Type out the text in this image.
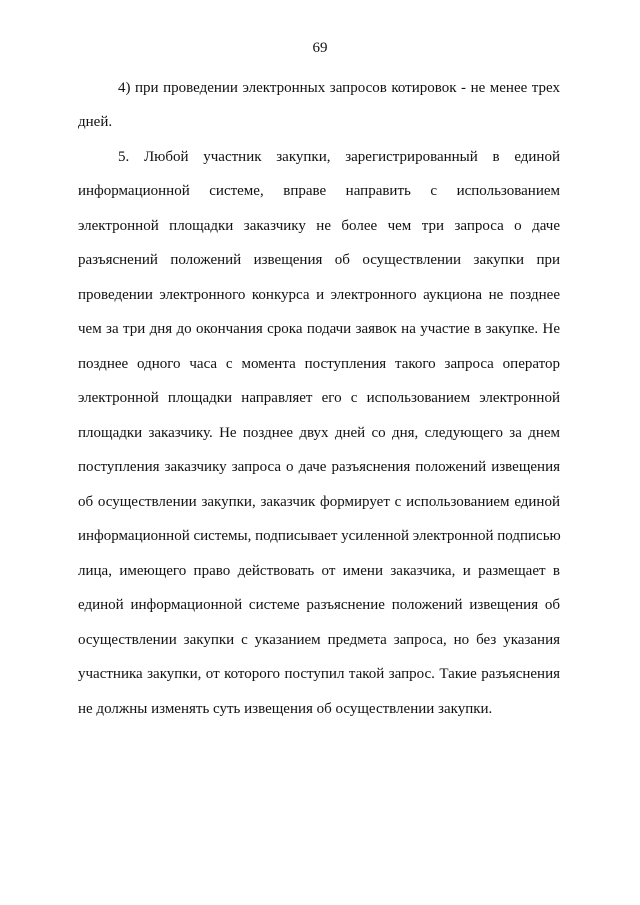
69
4) при проведении электронных запросов котировок - не менее трех
дней.
5. Любой участник закупки, зарегистрированный в единой
информационной системе, вправе направить с использованием
электронной площадки заказчику не более чем три запроса о даче
разъяснений положений извещения об осуществлении закупки при
проведении электронного конкурса и электронного аукциона не позднее
чем за три дня до окончания срока подачи заявок на участие в закупке. Не
позднее одного часа с момента поступления такого запроса оператор
электронной площадки направляет его с использованием электронной
площадки заказчику. Не позднее двух дней со дня, следующего за днем
поступления заказчику запроса о даче разъяснения положений извещения
об осуществлении закупки, заказчик формирует с использованием единой
информационной системы, подписывает усиленной электронной подписью
лица, имеющего право действовать от имени заказчика, и размещает в
единой информационной системе разъяснение положений извещения об
осуществлении закупки с указанием предмета запроса, но без указания
участника закупки, от которого поступил такой запрос. Такие разъяснения
не должны изменять суть извещения об осуществлении закупки.
